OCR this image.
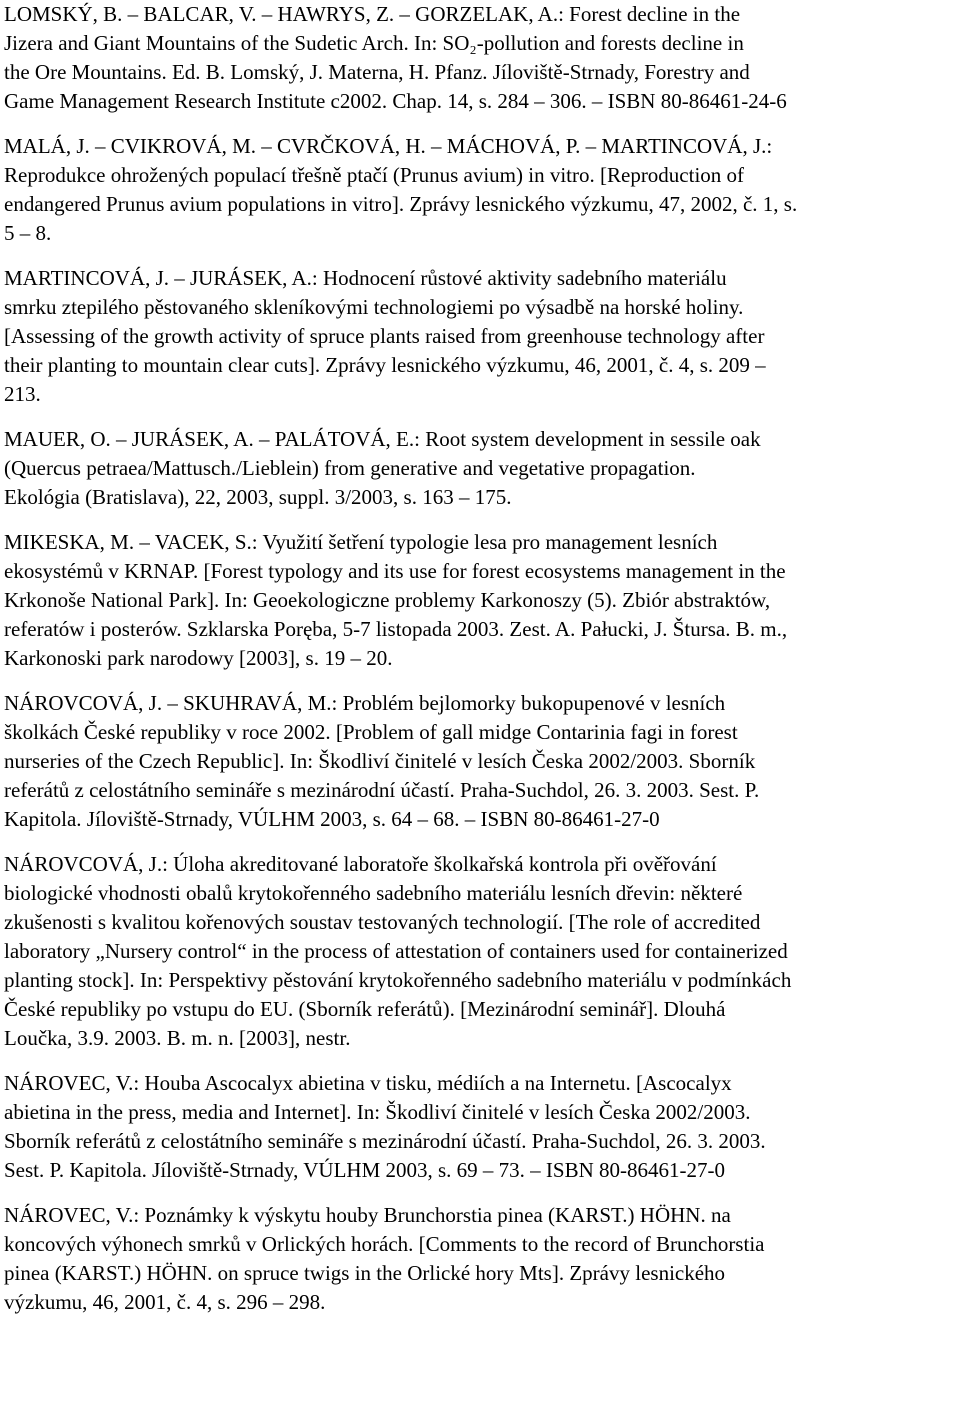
LOMSKÝ, B. – BALCAR, V. – HAWRYS, Z. – GORZELAK, A.: Forest decline in the
Jizera and Giant Mountains of the Sudetic Arch. In: SO₂-pollution and forests decline in
the Ore Mountains. Ed. B. Lomský, J. Materna, H. Pfanz. Jíloviště-Strnady, Forestry and
Game Management Research Institute c2002. Chap. 14, s. 284 – 306. – ISBN 80-86461-24-6

MALÁ, J. – CVIKROVÁ, M. – CVRČKOVÁ, H. – MÁCHOVÁ, P. – MARTINCOVÁ, J.:
Reprodukce ohrožených populací třešně ptačí (Prunus avium) in vitro. [Reproduction of
endangered Prunus avium populations in vitro]. Zprávy lesnického výzkumu, 47, 2002, č. 1, s.
5 – 8.

MARTINCOVÁ, J. – JURÁSEK, A.: Hodnocení růstové aktivity sadebního materiálu
smrku ztepilého pěstovaného skleníkovými technologiemi po výsadbě na horské holiny.
[Assessing of the growth activity of spruce plants raised from greenhouse technology after
their planting to mountain clear cuts]. Zprávy lesnického výzkumu, 46, 2001, č. 4, s. 209 –
213.

MAUER, O. – JURÁSEK, A. – PALÁTOVÁ, E.: Root system development in sessile oak
(Quercus petraea/Mattusch./Lieblein) from generative and vegetative propagation.
Ekológia (Bratislava), 22, 2003, suppl. 3/2003, s. 163 – 175.

MIKESKA, M. – VACEK, S.: Využití šetření typologie lesa pro management lesních
ekosystémů v KRNAP. [Forest typology and its use for forest ecosystems management in the
Krkonoše National Park]. In: Geoekologiczne problemy Karkonoszy (5). Zbiór abstraktów,
referatów i posterów. Szklarska Poręba, 5-7 listopada 2003. Zest. A. Pałucki, J. Štursa. B. m.,
Karkonoski park narodowy [2003], s. 19 – 20.

NÁROVCOVÁ, J. – SKUHRAVÁ, M.: Problém bejlomorky bukopupenové v lesních
školkách České republiky v roce 2002. [Problem of gall midge Contarinia fagi in forest
nurseries of the Czech Republic]. In: Škodliví činitelé v lesích Česka 2002/2003. Sborník
referátů z celostátního semináře s mezinárodní účastí. Praha-Suchdol, 26. 3. 2003. Sest. P.
Kapitola. Jíloviště-Strnady, VÚLHM 2003, s. 64 – 68. – ISBN 80-86461-27-0

NÁROVCOVÁ, J.: Úloha akreditované laboratoře školkařská kontrola při ověřování
biologické vhodnosti obalů krytokořenného sadebního materiálu lesních dřevin: některé
zkušenosti s kvalitou kořenových soustav testovaných technologií. [The role of accredited
laboratory „Nursery control“ in the process of attestation of containers used for containerized
planting stock]. In: Perspektivy pěstování krytokořenného sadebního materiálu v podmínkách
České republiky po vstupu do EU. (Sborník referátů). [Mezinárodní seminář]. Dlouhá
Loučka, 3.9. 2003. B. m. n. [2003], nestr.

NÁROVEC, V.: Houba Ascocalyx abietina v tisku, médiích a na Internetu. [Ascocalyx
abietina in the press, media and Internet]. In: Škodliví činitelé v lesích Česka 2002/2003.
Sborník referátů z celostátního semináře s mezinárodní účastí. Praha-Suchdol, 26. 3. 2003.
Sest. P. Kapitola. Jíloviště-Strnady, VÚLHM 2003, s. 69 – 73. – ISBN 80-86461-27-0

NÁROVEC, V.: Poznámky k výskytu houby Brunchorstia pinea (KARST.) HÖHN. na
koncových výhonech smrků v Orlických horách. [Comments to the record of Brunchorstia
pinea (KARST.) HÖHN. on spruce twigs in the Orlické hory Mts]. Zprávy lesnického
výzkumu, 46, 2001, č. 4, s. 296 – 298.
